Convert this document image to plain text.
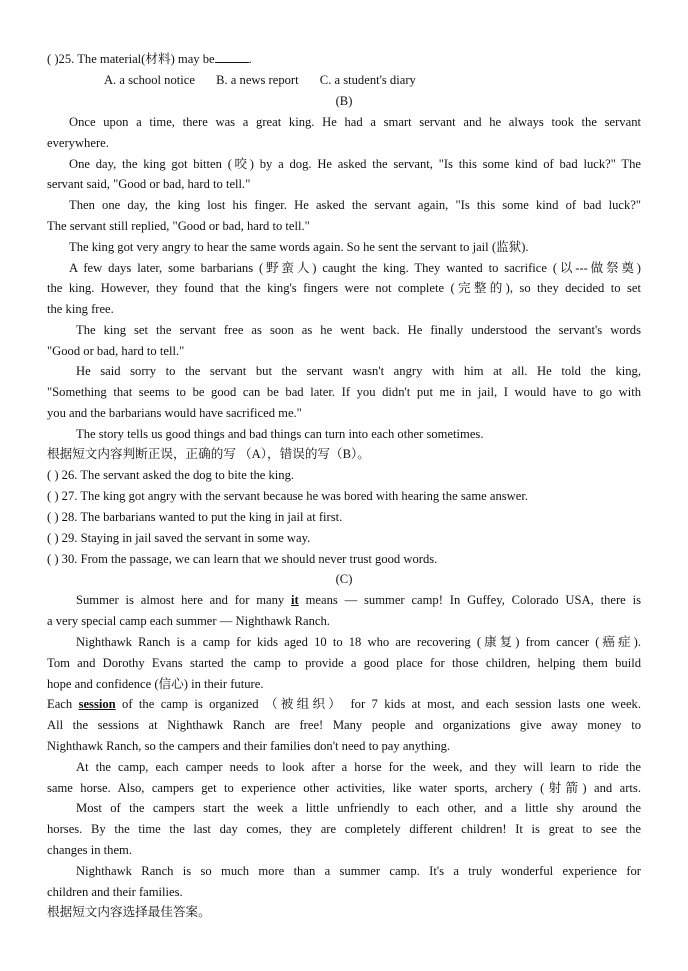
( )25. The material(材料) may be	.
A. a school notice B. a news report C. a student's diary
(B)
Once upon a time, there was a great king. He had a smart servant and he always took the servant
everywhere.
One day, the king got bitten (咬) by a dog. He asked the servant, "Is this some kind of bad luck?" The
servant said, "Good or bad, hard to tell."
Then one day, the king lost his finger. He asked the servant again, "Is this some kind of bad luck?"
The servant still replied, "Good or bad, hard to tell."
The king got very angry to hear the same words again. So he sent the servant to jail (监狱).
A few days later, some barbarians (野蛮人) caught the king. They wanted to sacrifice (以---做祭奠)
the king. However, they found that the king's fingers were not complete (完整的), so they decided to set
the king free.
The king set the servant free as soon as he went back. He finally understood the servant's words
"Good or bad, hard to tell."
He said sorry to the servant but the servant wasn't angry with him at all. He told the king,
"Something that seems to be good can be bad later. If you didn't put me in jail, I would have to go with
you and the barbarians would have sacrificed me."
The story tells us good things and bad things can turn into each other sometimes.
根据短文内容判断正误，正确的写 （A），错误的写（B）。
( ) 26. The servant asked the dog to bite the king.
( ) 27. The king got angry with the servant because he was bored with hearing the same answer.
( ) 28. The barbarians wanted to put the king in jail at first.
( ) 29. Staying in jail saved the servant in some way.
( ) 30. From the passage, we can learn that we should never trust good words.
(C)
Summer is almost here and for many it means — summer camp! In Guffey, Colorado USA, there is
a very special camp each summer — Nighthawk Ranch.
Nighthawk Ranch is a camp for kids aged 10 to 18 who are recovering (康复) from cancer (癌症).
Tom and Dorothy Evans started the camp to provide a good place for those children, helping them build
hope and confidence (信心) in their future.
Each session of the camp is organized （被组织） for 7 kids at most, and each session lasts one week.
All the sessions at Nighthawk Ranch are free! Many people and organizations give away money to
Nighthawk Ranch, so the campers and their families don't need to pay anything.
At the camp, each camper needs to look after a horse for the week, and they will learn to ride the
same horse. Also, campers get to experience other activities, like water sports, archery (射箭) and arts.
Most of the campers start the week a little unfriendly to each other, and a little shy around the
horses. By the time the last day comes, they are completely different children! It is great to see the
changes in them.
Nighthawk Ranch is so much more than a summer camp. It's a truly wonderful experience for
children and their families.
根据短文内容选择最佳答案。
